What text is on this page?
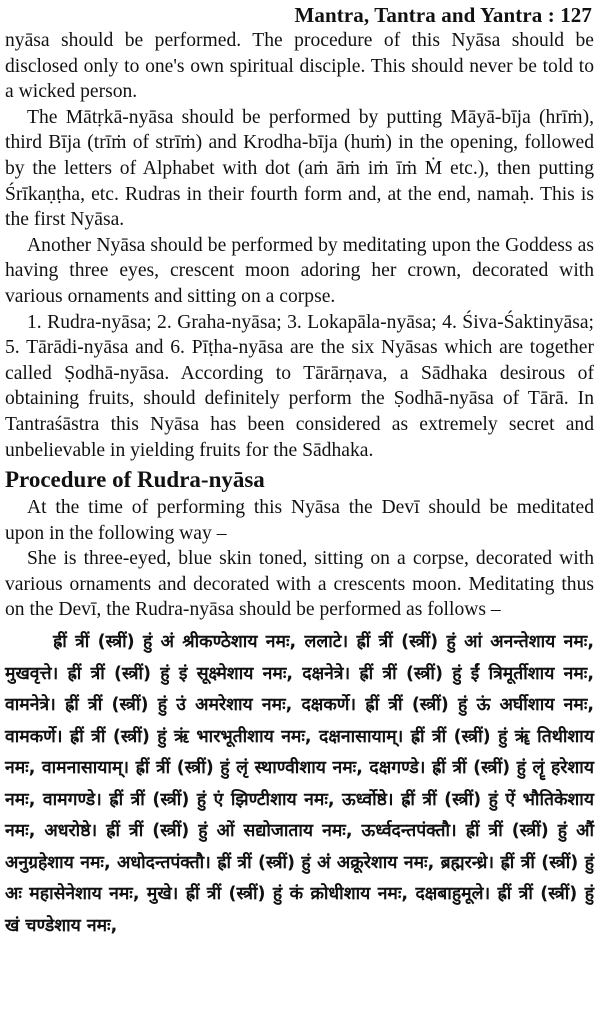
Mantra, Tantra and Yantra : 127

nyāsa should be performed. The procedure of this Nyāsa should be disclosed only to one's own spiritual disciple. This should never be told to a wicked person.

The Mātṛkā-nyāsa should be performed by putting Māyā-bīja (hrīṁ), third Bīja (trīṁ of strīṁ) and Krodha-bīja (huṁ) in the opening, followed by the letters of Alphabet with dot (aṁ āṁ iṁ īṁ Ṁ etc.), then putting Śrīkaṇṭha, etc. Rudras in their fourth form and, at the end, namaḥ. This is the first Nyāsa.

Another Nyāsa should be performed by meditating upon the Goddess as having three eyes, crescent moon adoring her crown, decorated with various ornaments and sitting on a corpse.

1. Rudra-nyāsa; 2. Graha-nyāsa; 3. Lokapāla-nyāsa; 4. Śiva-Śaktinyāsa; 5. Tārādi-nyāsa and 6. Pīṭha-nyāsa are the six Nyāsas which are together called Ṣodhā-nyāsa. According to Tārārṇava, a Sādhaka desirous of obtaining fruits, should definitely perform the Ṣodhā-nyāsa of Tārā. In Tantraśāstra this Nyāsa has been considered as extremely secret and unbelievable in yielding fruits for the Sādhaka.

Procedure of Rudra-nyāsa

At the time of performing this Nyāsa the Devī should be meditated upon in the following way –

She is three-eyed, blue skin toned, sitting on a corpse, decorated with various ornaments and decorated with a crescents moon. Meditating thus on the Devī, the Rudra-nyāsa should be performed as follows –

ह्रीं त्रीं (स्त्रीं) हुं अं श्रीकण्ठेशाय नमः, ललाटे। ह्रीं त्रीं (स्त्रीं) हुं आं अनन्तेशाय नमः, मुखवृत्ते। ह्रीं त्रीं (स्त्रीं) हुं इं सूक्ष्मेशाय नमः, दक्षनेत्रे। ह्रीं त्रीं (स्त्रीं) हुं ईं त्रिमूर्तीशाय नमः, वामनेत्रे। ह्रीं त्रीं (स्त्रीं) हुं उं अमरेशाय नमः, दक्षकर्णे। ह्रीं त्रीं (स्त्रीं) हुं ऊं अर्घीशाय नमः, वामकर्णे। ह्रीं त्रीं (स्त्रीं) हुं ऋं भारभूतीशाय नमः, दक्षनासायाम्। ह्रीं त्रीं (स्त्रीं) हुं ॠं तिथीशाय नमः, वामनासायाम्। ह्रीं त्रीं (स्त्रीं) हुं लृं स्थाण्वीशाय नमः, दक्षगण्डे। ह्रीं त्रीं (स्त्रीं) हुं लॄं हरेशाय नमः, वामगण्डे। ह्रीं त्रीं (स्त्रीं) हुं एं झिण्टीशाय नमः, ऊर्ध्वोष्ठे। ह्रीं त्रीं (स्त्रीं) हुं ऐं भौतिकेशाय नमः, अधरोष्ठे। ह्रीं त्रीं (स्त्रीं) हुं ओं सद्योजाताय नमः, ऊर्ध्वदन्तपंक्तौ। ह्रीं त्रीं (स्त्रीं) हुं औं अनुग्रहेशाय नमः, अधोदन्तपंक्तौ। ह्रीं त्रीं (स्त्रीं) हुं अंं अक्रूरेशाय नमः, ब्रह्मरन्ध्रे। ह्रीं त्रीं (स्त्रीं) हुं अः महासेनेशाय नमः, मुखे। ह्रीं त्रीं (स्त्रीं) हुं कं क्रोधीशाय नमः, दक्षबाहुमूले। ह्रीं त्रीं (स्त्रीं) हुं खं चण्डेशाय नमः,
